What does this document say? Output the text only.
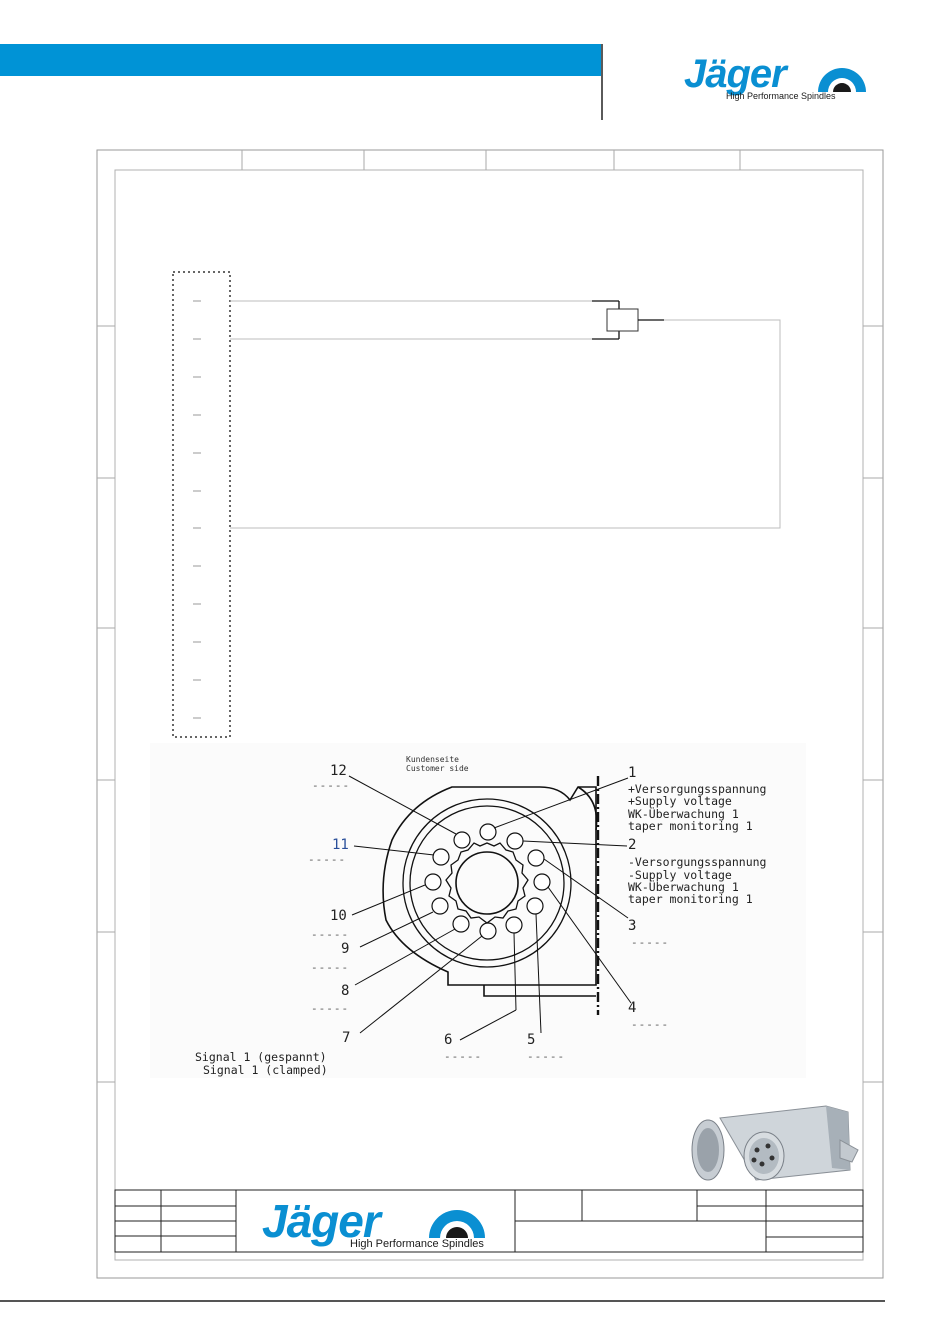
Jäger
High Performance Spindles
Kundenseite
Customer side	1
2
3
4
5
6
7
8
9
10
11
12
+Versorgungsspannung
+Supply voltage
WK-Überwachung 1
taper monitoring 1
-Versorgungsspannung
-Supply voltage
WK-Überwachung 1
taper monitoring 1
Signal 1 (gespannt)
Signal 1 (clamped)
-----
-----
-----
-----
-----
-----	-----
-----
-----
Jäger
High Performance Spindles
